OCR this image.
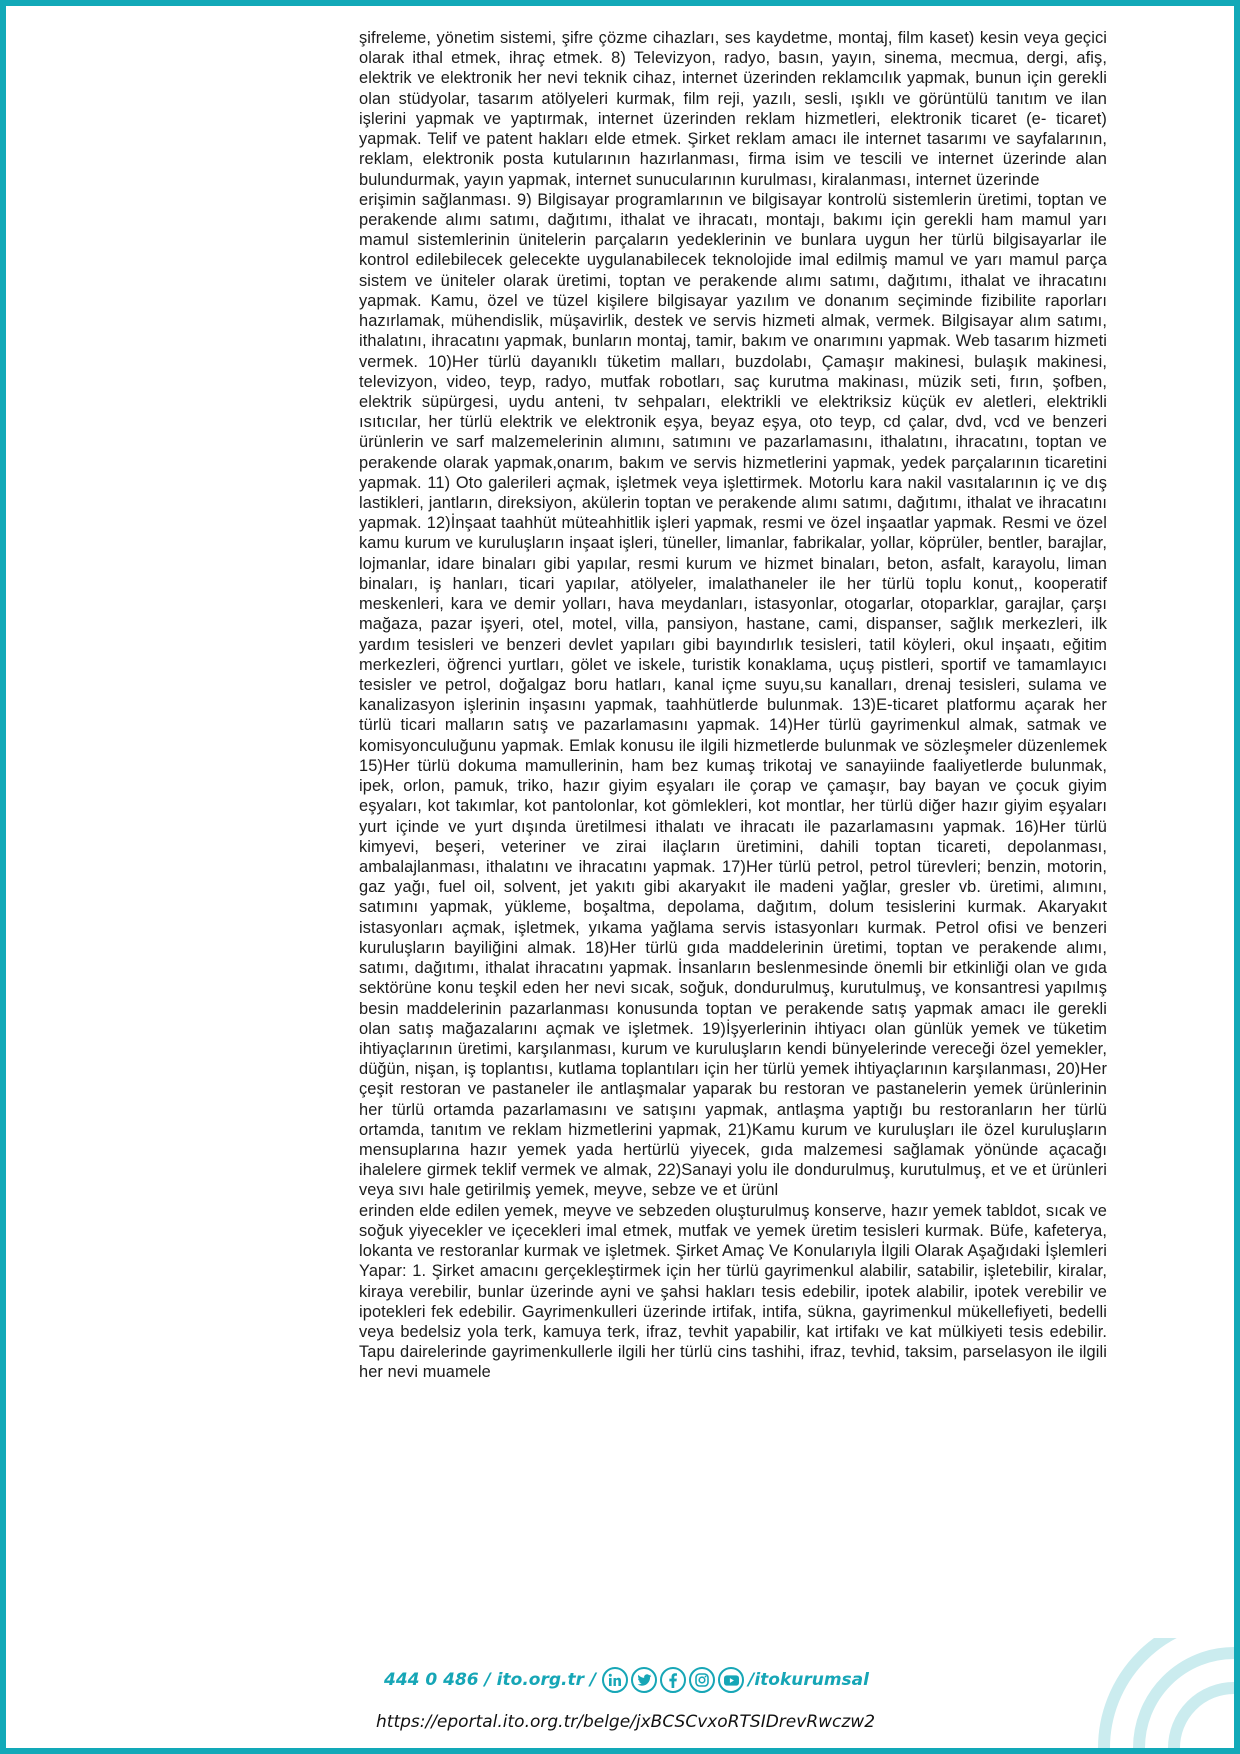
şifreleme, yönetim sistemi, şifre çözme cihazları, ses kaydetme, montaj, film kaset) kesin veya geçici olarak ithal etmek, ihraç etmek. 8) Televizyon, radyo, basın, yayın, sinema, mecmua, dergi, afiş, elektrik ve elektronik her nevi teknik cihaz, internet üzerinden reklamcılık yapmak, bunun için gerekli olan stüdyolar, tasarım atölyeleri kurmak, film reji, yazılı, sesli, ışıklı ve görüntülü tanıtım ve ilan işlerini yapmak ve yaptırmak, internet üzerinden reklam hizmetleri, elektronik ticaret (e- ticaret) yapmak. Telif ve patent hakları elde etmek. Şirket reklam amacı ile internet tasarımı ve sayfalarının, reklam, elektronik posta kutularının hazırlanması, firma isim ve tescili ve internet üzerinde alan bulundurmak, yayın yapmak, internet sunucularının kurulması, kiralanması, internet üzerinde

erişimin sağlanması. 9) Bilgisayar programlarının ve bilgisayar kontrolü sistemlerin üretimi, toptan ve perakende alımı satımı, dağıtımı, ithalat ve ihracatı, montajı, bakımı için gerekli ham mamul yarı mamul sistemlerinin ünitelerin parçaların yedeklerinin ve bunlara uygun her türlü bilgisayarlar ile kontrol edilebilecek gelecekte uygulanabilecek teknolojide imal edilmiş mamul ve yarı mamul parça sistem ve üniteler olarak üretimi, toptan ve perakende alımı satımı, dağıtımı, ithalat ve ihracatını yapmak. Kamu, özel ve tüzel kişilere bilgisayar yazılım ve donanım seçiminde fizibilite raporları hazırlamak, mühendislik, müşavirlik, destek ve servis hizmeti almak, vermek. Bilgisayar alım satımı, ithalatını, ihracatını yapmak, bunların montaj, tamir, bakım ve onarımını yapmak. Web tasarım hizmeti vermek. 10)Her türlü dayanıklı tüketim malları, buzdolabı, Çamaşır makinesi, bulaşık makinesi, televizyon, video, teyp, radyo, mutfak robotları, saç kurutma makinası, müzik seti, fırın, şofben, elektrik süpürgesi, uydu anteni, tv sehpaları, elektrikli ve elektriksiz küçük ev aletleri, elektrikli ısıtıcılar, her türlü elektrik ve elektronik eşya, beyaz eşya, oto teyp, cd çalar, dvd, vcd ve benzeri ürünlerin ve sarf malzemelerinin alımını, satımını ve pazarlamasını, ithalatını, ihracatını, toptan ve perakende olarak yapmak,onarım, bakım ve servis hizmetlerini yapmak, yedek parçalarının ticaretini yapmak. 11) Oto galerileri açmak, işletmek veya işlettirmek. Motorlu kara nakil vasıtalarının iç ve dış lastikleri, jantların, direksiyon, akülerin toptan ve perakende alımı satımı, dağıtımı, ithalat ve ihracatını yapmak. 12)İnşaat taahhüt müteahhitlik işleri yapmak, resmi ve özel inşaatlar yapmak. Resmi ve özel kamu kurum ve kuruluşların inşaat işleri, tüneller, limanlar, fabrikalar, yollar, köprüler, bentler, barajlar, lojmanlar, idare binaları gibi yapılar, resmi kurum ve hizmet binaları, beton, asfalt, karayolu, liman binaları, iş hanları, ticari yapılar, atölyeler, imalathaneler ile her türlü toplu konut,, kooperatif meskenleri, kara ve demir yolları, hava meydanları, istasyonlar, otogarlar, otoparklar, garajlar, çarşı mağaza, pazar işyeri, otel, motel, villa, pansiyon, hastane, cami, dispanser, sağlık merkezleri, ilk yardım tesisleri ve benzeri devlet yapıları gibi bayındırlık tesisleri, tatil köyleri, okul inşaatı, eğitim merkezleri, öğrenci yurtları, gölet ve iskele, turistik konaklama, uçuş pistleri, sportif ve tamamlayıcı tesisler ve petrol, doğalgaz boru hatları, kanal içme suyu,su kanalları, drenaj tesisleri, sulama ve kanalizasyon işlerinin inşasını yapmak, taahhütlerde bulunmak. 13)E-ticaret platformu açarak her türlü ticari malların satış ve pazarlamasını yapmak. 14)Her türlü gayrimenkul almak, satmak ve komisyonculuğunu yapmak. Emlak konusu ile ilgili hizmetlerde bulunmak ve sözleşmeler düzenlemek 15)Her türlü dokuma mamullerinin, ham bez kumaş trikotaj ve sanayiinde faaliyetlerde bulunmak, ipek, orlon, pamuk, triko, hazır giyim eşyaları ile çorap ve çamaşır, bay bayan ve çocuk giyim eşyaları, kot takımlar, kot pantolonlar, kot gömlekleri, kot montlar, her türlü diğer hazır giyim eşyaları yurt içinde ve yurt dışında üretilmesi ithalatı ve ihracatı ile pazarlamasını yapmak. 16)Her türlü kimyevi, beşeri, veteriner ve zirai ilaçların üretimini, dahili toptan ticareti, depolanması, ambalajlanması, ithalatını ve ihracatını yapmak. 17)Her türlü petrol, petrol türevleri; benzin, motorin, gaz yağı, fuel oil, solvent, jet yakıtı gibi akaryakıt ile madeni yağlar, gresler vb. üretimi, alımını, satımını yapmak, yükleme, boşaltma, depolama, dağıtım, dolum tesislerini kurmak. Akaryakıt istasyonları açmak, işletmek, yıkama yağlama servis istasyonları kurmak. Petrol ofisi ve benzeri kuruluşların bayiliğini almak. 18)Her türlü gıda maddelerinin üretimi, toptan ve perakende alımı, satımı, dağıtımı, ithalat ihracatını yapmak. İnsanların beslenmesinde önemli bir etkinliği olan ve gıda sektörüne konu teşkil eden her nevi sıcak, soğuk, dondurulmuş, kurutulmuş, ve konsantresi yapılmış besin maddelerinin pazarlanması konusunda toptan ve perakende satış yapmak amacı ile gerekli olan satış mağazalarını açmak ve işletmek. 19)İşyerlerinin ihtiyacı olan günlük yemek ve tüketim ihtiyaçlarının üretimi, karşılanması, kurum ve kuruluşların kendi bünyelerinde vereceği özel yemekler, düğün, nişan, iş toplantısı, kutlama toplantıları için her türlü yemek ihtiyaçlarının karşılanması, 20)Her çeşit restoran ve pastaneler ile antlaşmalar yaparak bu restoran ve pastanelerin yemek ürünlerinin her türlü ortamda pazarlamasını ve satışını yapmak, antlaşma yaptığı bu restoranların her türlü ortamda, tanıtım ve reklam hizmetlerini yapmak, 21)Kamu kurum ve kuruluşları ile özel kuruluşların mensuplarına hazır yemek yada hertürlü yiyecek, gıda malzemesi sağlamak yönünde açacağı ihalelere girmek teklif vermek ve almak, 22)Sanayi yolu ile dondurulmuş, kurutulmuş, et ve et ürünleri veya sıvı hale getirilmiş yemek, meyve, sebze ve et ürünl

erinden elde edilen yemek, meyve ve sebzeden oluşturulmuş konserve, hazır yemek tabldot, sıcak ve soğuk yiyecekler ve içecekleri imal etmek, mutfak ve yemek üretim tesisleri kurmak. Büfe, kafeterya, lokanta ve restoranlar kurmak ve işletmek. Şirket Amaç Ve Konularıyla İlgili Olarak Aşağıdaki İşlemleri Yapar: 1. Şirket amacını gerçekleştirmek için her türlü gayrimenkul alabilir, satabilir, işletebilir, kiralar, kiraya verebilir, bunlar üzerinde ayni ve şahsi hakları tesis edebilir, ipotek alabilir, ipotek verebilir ve ipotekleri fek edebilir. Gayrimenkulleri üzerinde irtifak, intifa, sükna, gayrimenkul mükellefiyeti, bedelli veya bedelsiz yola terk, kamuya terk, ifraz, tevhit yapabilir, kat irtifakı ve kat mülkiyeti tesis edebilir. Tapu dairelerinde gayrimenkullerle ilgili her türlü cins tashihi, ifraz, tevhid, taksim, parselasyon ile ilgili her nevi muamele

444 0 486 / ito.org.tr /	/itokurumsal
https://eportal.ito.org.tr/belge/jxBCSCvxoRTSIDrevRwczw2
